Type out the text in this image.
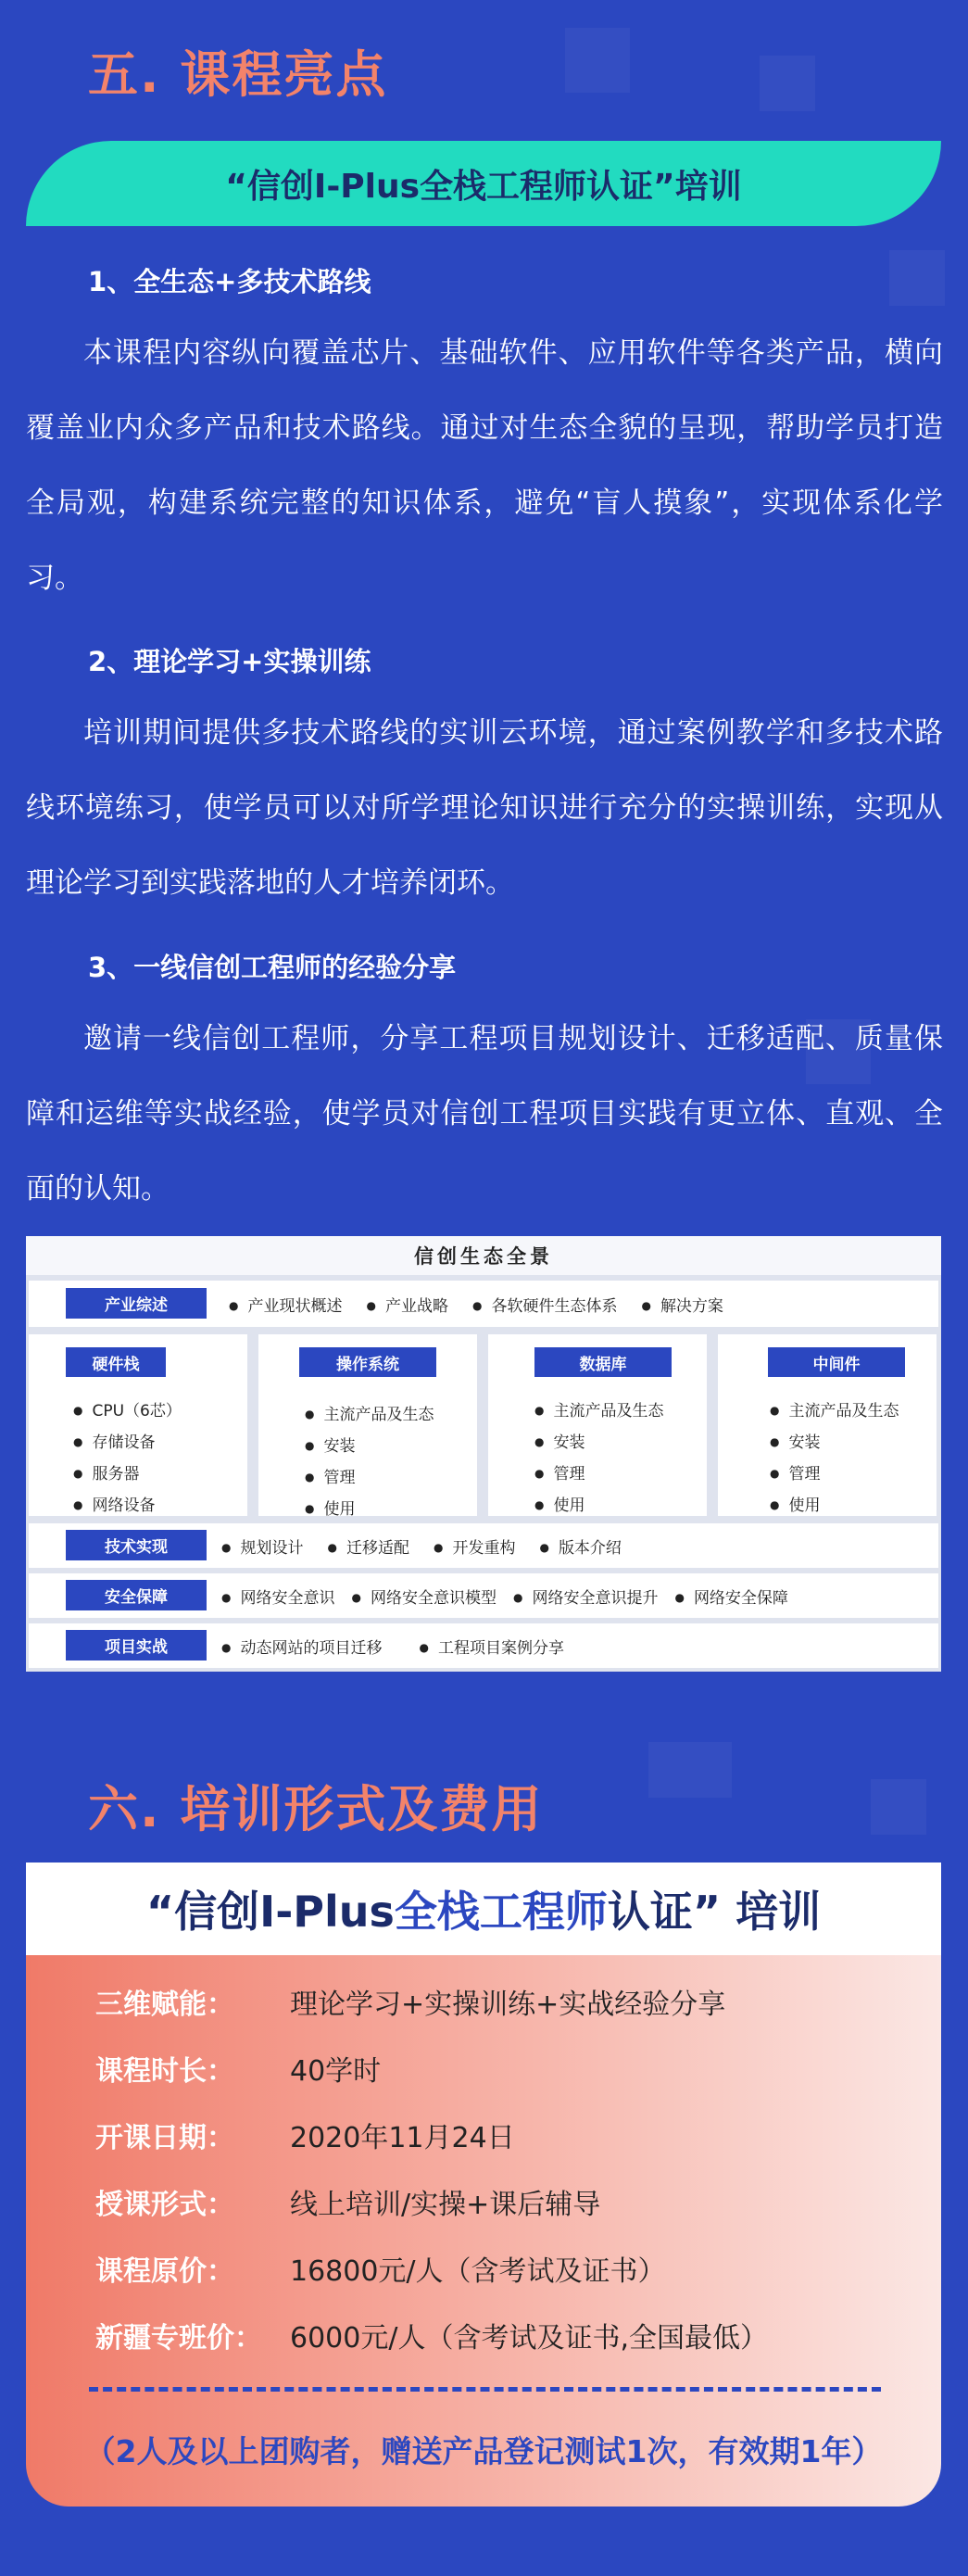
五. 课程亮点
“信创I-Plus全栈工程师认证”培训
1、全生态+多技术路线
本课程内容纵向覆盖芯片、基础软件、应用软件等各类产品，横向覆盖业内众多产品和技术路线。通过对生态全貌的呈现，帮助学员打造全局观，构建系统完整的知识体系，避免“盲人摸象”，实现体系化学习。
2、理论学习+实操训练
培训期间提供多技术路线的实训云环境，通过案例教学和多技术路线环境练习，使学员可以对所学理论知识进行充分的实操训练，实现从理论学习到实践落地的人才培养闭环。
3、一线信创工程师的经验分享
邀请一线信创工程师，分享工程项目规划设计、迁移适配、质量保障和运维等实战经验，使学员对信创工程项目实践有更立体、直观、全面的认知。
信创生态全景
产业综述	● 产业现状概述	● 产业战略	● 各软硬件生态体系	● 解决方案
硬件栈
● CPU（6芯）
● 存储设备
● 服务器
● 网络设备
操作系统
● 主流产品及生态
● 安装
● 管理
● 使用
数据库
● 主流产品及生态
● 安装
● 管理
● 使用
中间件
● 主流产品及生态
● 安装
● 管理
● 使用
技术实现	● 规划设计	● 迁移适配	● 开发重构	● 版本介绍
安全保障	● 网络安全意识	● 网络安全意识模型	● 网络安全意识提升	● 网络安全保障
项目实战	● 动态网站的项目迁移	● 工程项目案例分享
六. 培训形式及费用
“信创I-Plus 全栈工程师 认证” 培训
三维赋能： 理论学习+实操训练+实战经验分享
课程时长： 40学时
开课日期： 2020年11月24日
授课形式： 线上培训/实操+课后辅导
课程原价： 16800元/人（含考试及证书）
新疆专班价： 6000元/人（含考试及证书,全国最低）
（2人及以上团购者，赠送产品登记测试1次，有效期1年）
